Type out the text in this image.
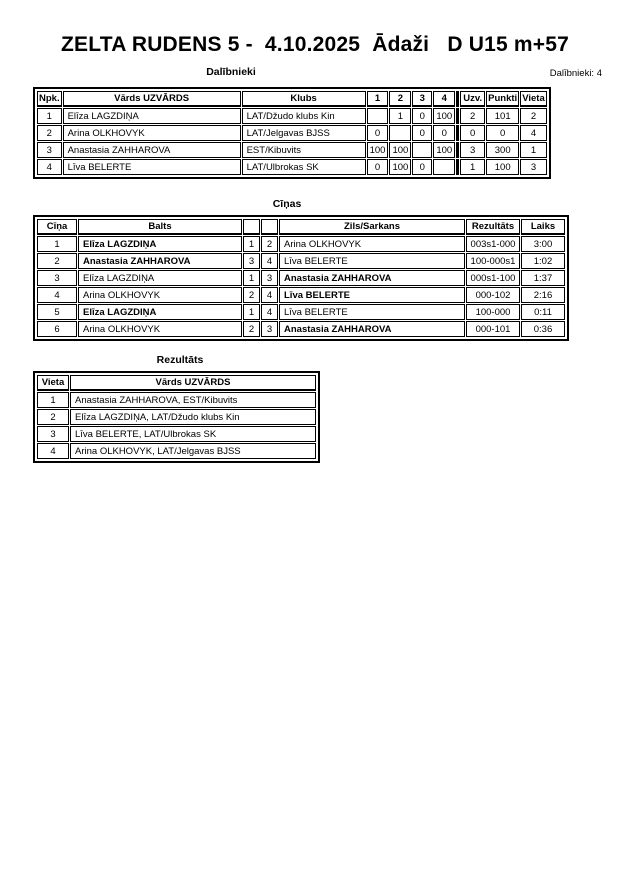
ZELTA RUDENS 5 -  4.10.2025  Ādaži   D U15 m+57
Dalībnieki	Dalībnieki: 4
Npk.	Vārds UZVĀRDS	Klubs	1	2	3	4		Uzv.	Punkti	Vieta
1	Elīza LAGZDIŅA	LAT/Džudo klubs Kin		1	0	100		2	101	2
2	Arina OLKHOVYK	LAT/Jelgavas BJSS	0		0	0		0	0	4
3	Anastasia ZAHHAROVA	EST/Kibuvits	100	100		100		3	300	1
4	Līva BELERTE	LAT/Ulbrokas SK	0	100	0			1	100	3
Cīņas
Cīņa	Balts			Zils/Sarkans	Rezultāts	Laiks
1	Elīza LAGZDIŅA	1	2	Arina OLKHOVYK	003s1-000	3:00
2	Anastasia ZAHHAROVA	3	4	Līva BELERTE	100-000s1	1:02
3	Elīza LAGZDIŅA	1	3	Anastasia ZAHHAROVA	000s1-100	1:37
4	Arina OLKHOVYK	2	4	Līva BELERTE	000-102	2:16
5	Elīza LAGZDIŅA	1	4	Līva BELERTE	100-000	0:11
6	Arina OLKHOVYK	2	3	Anastasia ZAHHAROVA	000-101	0:36
Rezultāts
Vieta	Vārds UZVĀRDS
1	Anastasia ZAHHAROVA, EST/Kibuvits
2	Elīza LAGZDIŅA, LAT/Džudo klubs Kin
3	Līva BELERTE, LAT/Ulbrokas SK
4	Arina OLKHOVYK, LAT/Jelgavas BJSS
